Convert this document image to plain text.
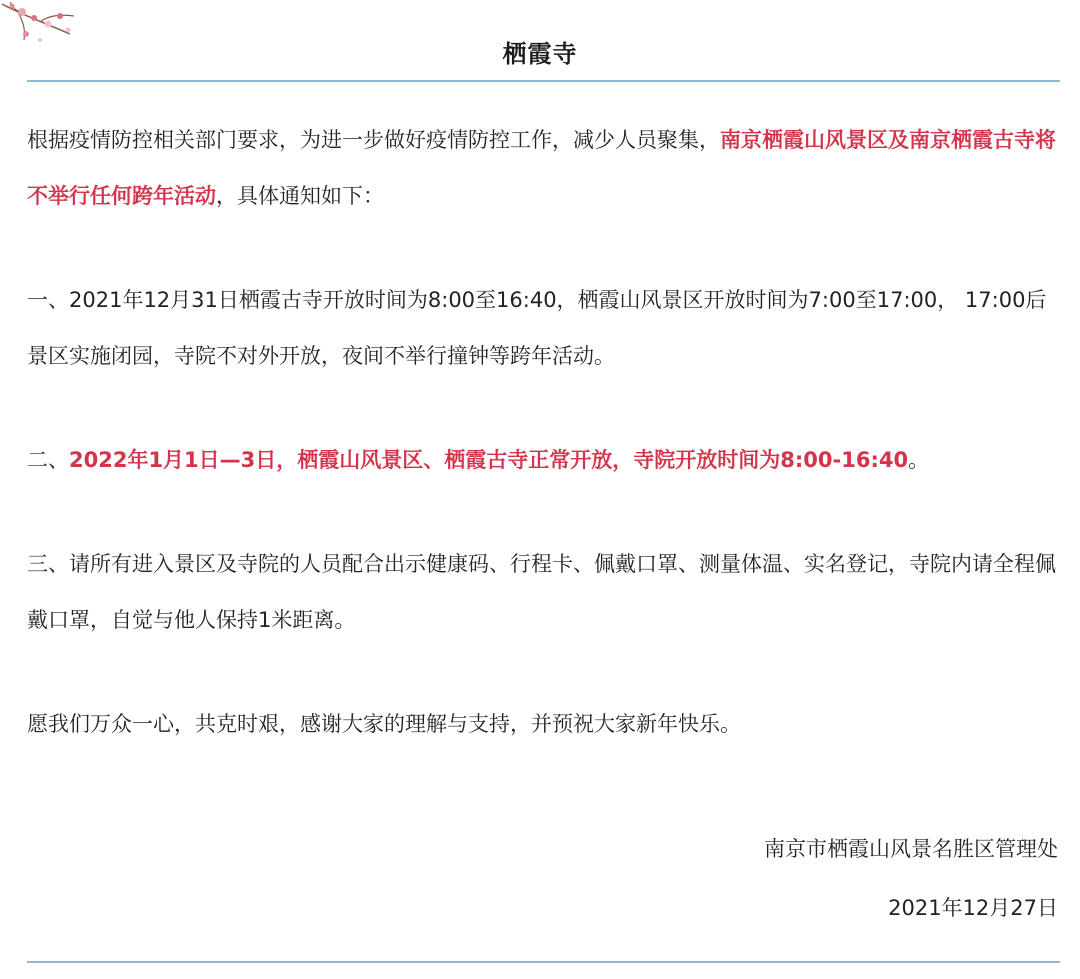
栖霞寺

根据疫情防控相关部门要求，为进一步做好疫情防控工作，减少人员聚集，南京栖霞山风景区及南京栖霞古寺将不举行任何跨年活动，具体通知如下：

一、2021年12月31日栖霞古寺开放时间为8:00至16:40，栖霞山风景区开放时间为7:00至17:00， 17:00后景区实施闭园，寺院不对外开放，夜间不举行撞钟等跨年活动。

二、2022年1月1日—3日，栖霞山风景区、栖霞古寺正常开放，寺院开放时间为8:00-16:40。

三、请所有进入景区及寺院的人员配合出示健康码、行程卡、佩戴口罩、测量体温、实名登记，寺院内请全程佩戴口罩，自觉与他人保持1米距离。

愿我们万众一心，共克时艰，感谢大家的理解与支持，并预祝大家新年快乐。

南京市栖霞山风景名胜区管理处
2021年12月27日
